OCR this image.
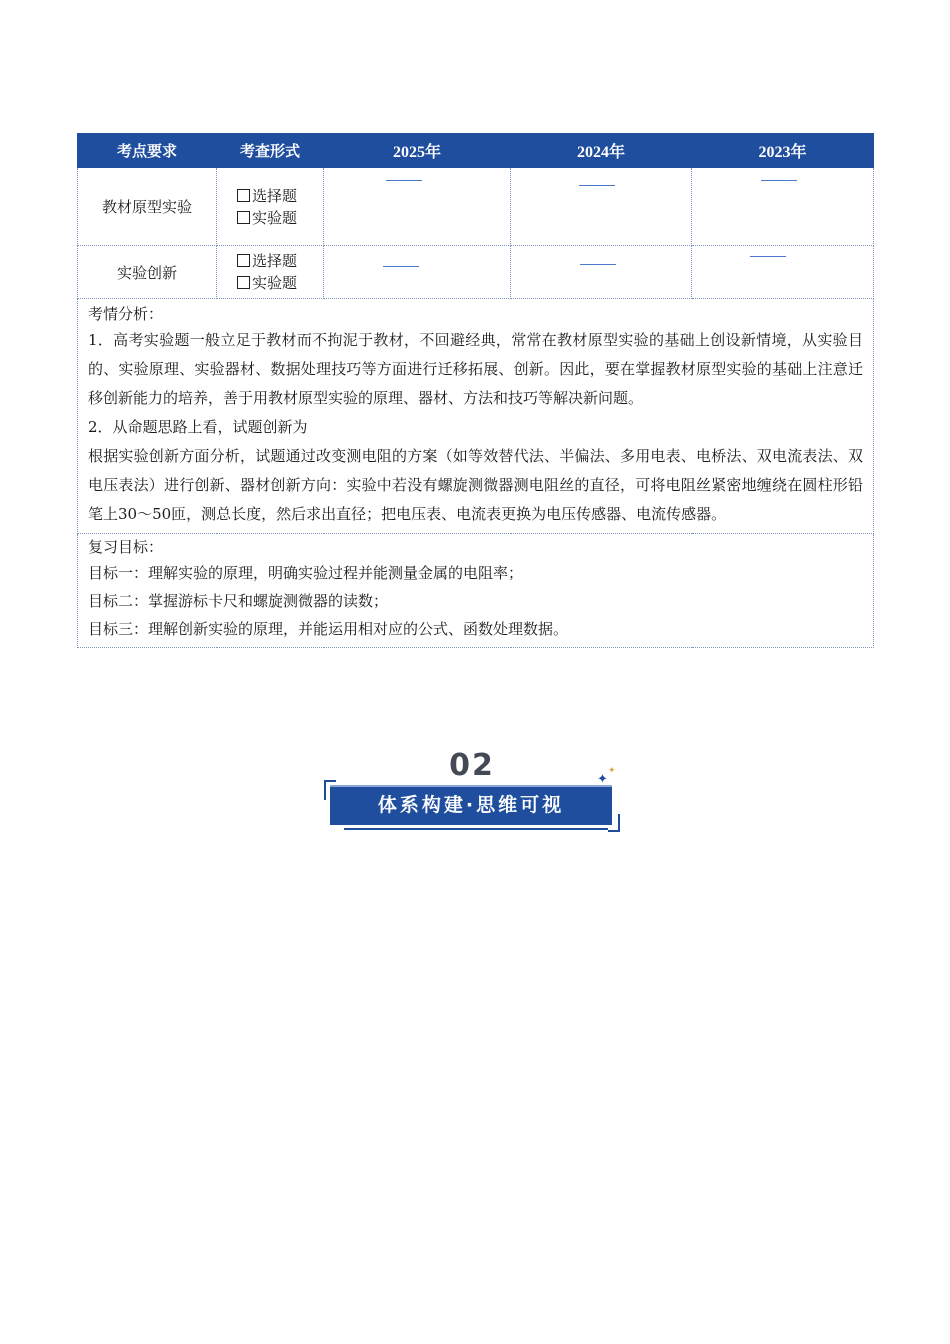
考点要求	考查形式	2025年	2024年	2023年
教材原型实验	选择题
实验题			

实验创新	选择题
实验题			

考情分析：

1．高考实验题一般立足于教材而不拘泥于教材，不回避经典，常常在教材原型实验的基础上创设新情境，从实验目的、实验原理、实验器材、数据处理技巧等方面进行迁移拓展、创新。因此，要在掌握教材原型实验的基础上注意迁移创新能力的培养，善于用教材原型实验的原理、器材、方法和技巧等解决新问题。

2．从命题思路上看，试题创新为

根据实验创新方面分析，试题通过改变测电阻的方案（如等效替代法、半偏法、多用电表、电桥法、双电流表法、双电压表法）进行创新、器材创新方向：实验中若没有螺旋测微器测电阻丝的直径，可将电阻丝紧密地缠绕在圆柱形铅笔上30～50匝，测总长度，然后求出直径；把电压表、电流表更换为电压传感器、电流传感器。				

复习目标：
目标一：理解实验的原理，明确实验过程并能测量金属的电阻率；
目标二：掌握游标卡尺和螺旋测微器的读数；
目标三：理解创新实验的原理，并能运用相对应的公式、函数处理数据。				
02
体系构建·思维可视
✦
✦
